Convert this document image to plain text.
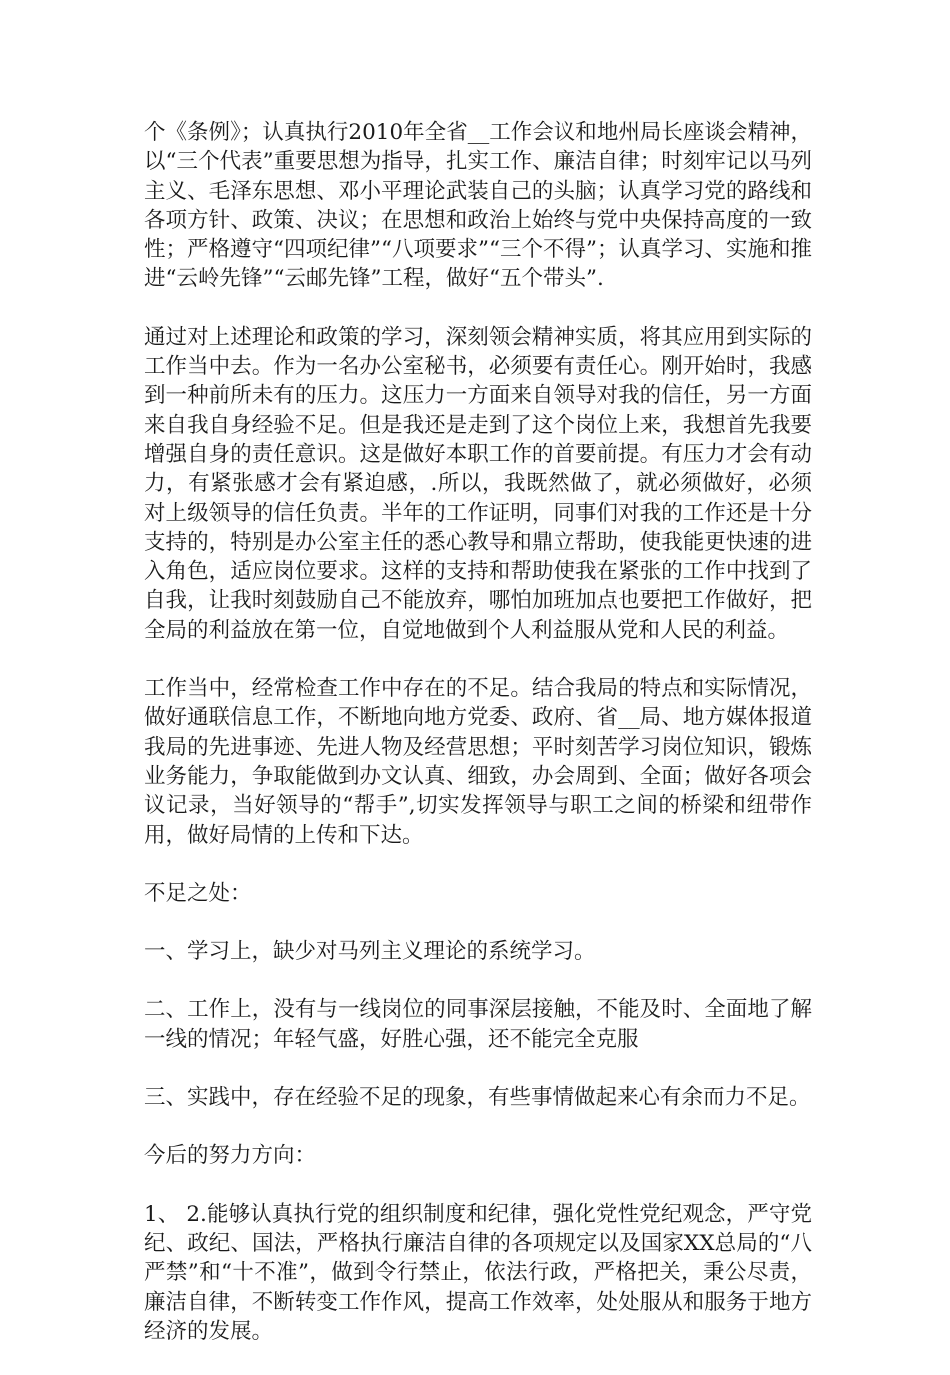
个《条例》；认真执行2010年全省__工作会议和地州局长座谈会精神，以“三个代表”重要思想为指导，扎实工作、廉洁自律；时刻牢记以马列主义、毛泽东思想、邓小平理论武装自己的头脑；认真学习党的路线和各项方针、政策、决议；在思想和政治上始终与党中央保持高度的一致性；严格遵守“四项纪律”“八项要求”“三个不得”；认真学习、实施和推进“云岭先锋”“云邮先锋”工程，做好“五个带头”.

通过对上述理论和政策的学习，深刻领会精神实质，将其应用到实际的工作当中去。作为一名办公室秘书，必须要有责任心。刚开始时，我感到一种前所未有的压力。这压力一方面来自领导对我的信任，另一方面来自我自身经验不足。但是我还是走到了这个岗位上来，我想首先我要增强自身的责任意识。这是做好本职工作的首要前提。有压力才会有动力，有紧张感才会有紧迫感，.所以，我既然做了，就必须做好，必须对上级领导的信任负责。半年的工作证明，同事们对我的工作还是十分支持的，特别是办公室主任的悉心教导和鼎立帮助，使我能更快速的进入角色，适应岗位要求。这样的支持和帮助使我在紧张的工作中找到了自我，让我时刻鼓励自己不能放弃，哪怕加班加点也要把工作做好，把全局的利益放在第一位，自觉地做到个人利益服从党和人民的利益。

工作当中，经常检查工作中存在的不足。结合我局的特点和实际情况，做好通联信息工作，不断地向地方党委、政府、省__局、地方媒体报道我局的先进事迹、先进人物及经营思想；平时刻苦学习岗位知识，锻炼业务能力，争取能做到办文认真、细致，办会周到、全面；做好各项会议记录，当好领导的“帮手”,切实发挥领导与职工之间的桥梁和纽带作用，做好局情的上传和下达。

不足之处：

一、学习上，缺少对马列主义理论的系统学习。

二、工作上，没有与一线岗位的同事深层接触，不能及时、全面地了解一线的情况；年轻气盛，好胜心强，还不能完全克服

三、实践中，存在经验不足的现象，有些事情做起来心有余而力不足。

今后的努力方向：

1、 2.能够认真执行党的组织制度和纪律，强化党性党纪观念，严守党纪、政纪、国法，严格执行廉洁自律的各项规定以及国家XX总局的“八严禁”和“十不准”，做到令行禁止，依法行政，严格把关，秉公尽责，廉洁自律，不断转变工作作风，提高工作效率，处处服从和服务于地方经济的发展。
